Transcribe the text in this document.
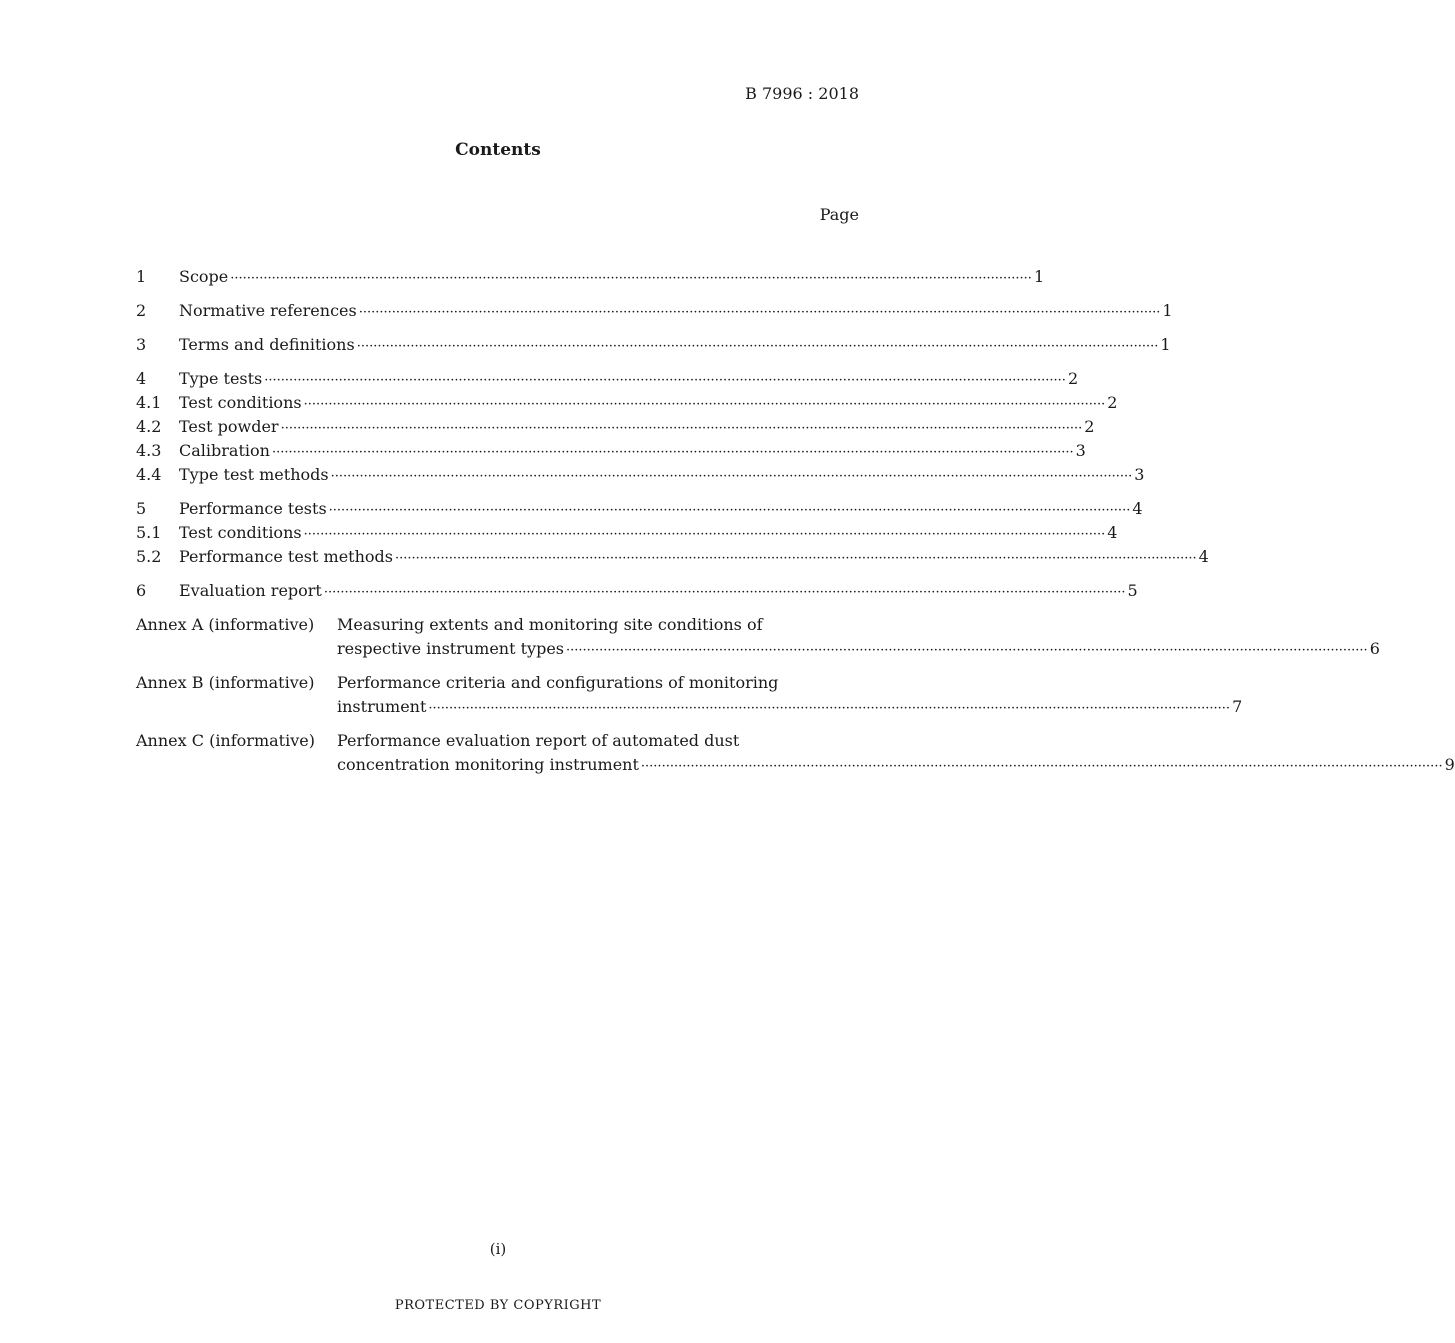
B 7996 : 2018
Contents
Page
1	Scope ·····	1
2	Normative references ·····	1
3	Terms and definitions ·····	1
4	Type tests ·····	2
4.1	Test conditions ·····	2
4.2	Test powder ·····	2
4.3	Calibration ·····	3
4.4	Type test methods ·····	3
5	Performance tests ·····	4
5.1	Test conditions ·····	4
5.2	Performance test methods ·····	4
6	Evaluation report ·····	5
Annex A (informative)	Measuring extents and monitoring site conditions of
respective instrument types ·····	6
Annex B (informative)	Performance criteria and configurations of monitoring
instrument ·····	7
Annex C (informative)	Performance evaluation report of automated dust
concentration monitoring instrument ·····	9
(i)
PROTECTED BY COPYRIGHT
